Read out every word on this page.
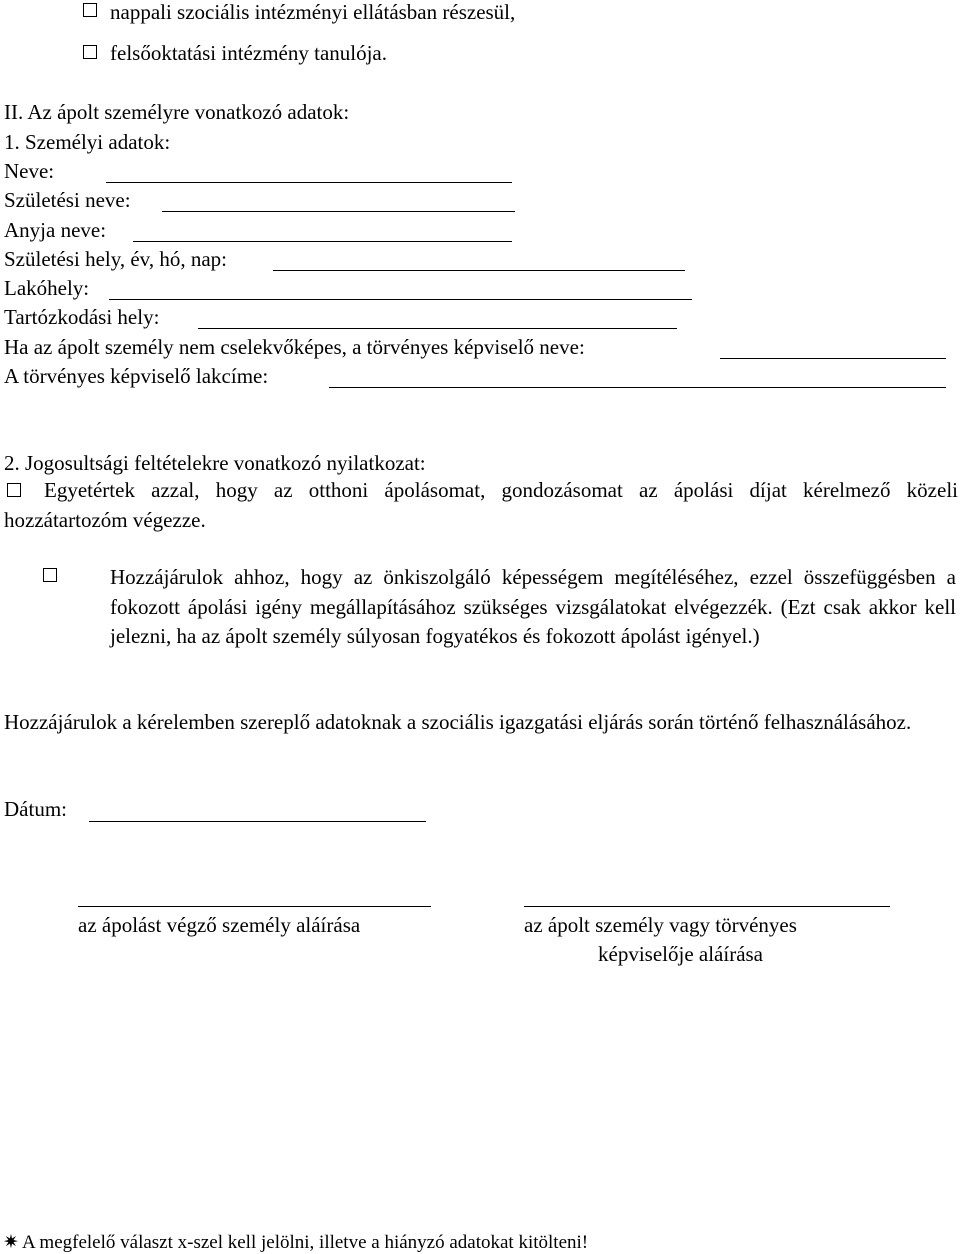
nappali szociális intézményi ellátásban részesül,
felsőoktatási intézmény tanulója.
II. Az ápolt személyre vonatkozó adatok:
1. Személyi adatok:
Neve:
Születési neve:
Anyja neve:
Születési hely, év, hó, nap:
Lakóhely:
Tartózkodási hely:
Ha az ápolt személy nem cselekvőképes, a törvényes képviselő neve:
A törvényes képviselő lakcíme:
2. Jogosultsági feltételekre vonatkozó nyilatkozat:
Egyetértek azzal, hogy az otthoni ápolásomat, gondozásomat az ápolási díjat kérelmező közeli hozzátartozóm végezze.
Hozzájárulok ahhoz, hogy az önkiszolgáló képességem megítéléséhez, ezzel összefüggésben a fokozott ápolási igény megállapításához szükséges vizsgálatokat elvégezzék. (Ezt csak akkor kell jelezni, ha az ápolt személy súlyosan fogyatékos és fokozott ápolást igényel.)
Hozzájárulok a kérelemben szereplő adatoknak a szociális igazgatási eljárás során történő felhasználásához.
Dátum:
az ápolást végző személy aláírása	az ápolt személy vagy törvényes
képviselője aláírása
✷ A megfelelő választ x-szel kell jelölni, illetve a hiányzó adatokat kitölteni!
